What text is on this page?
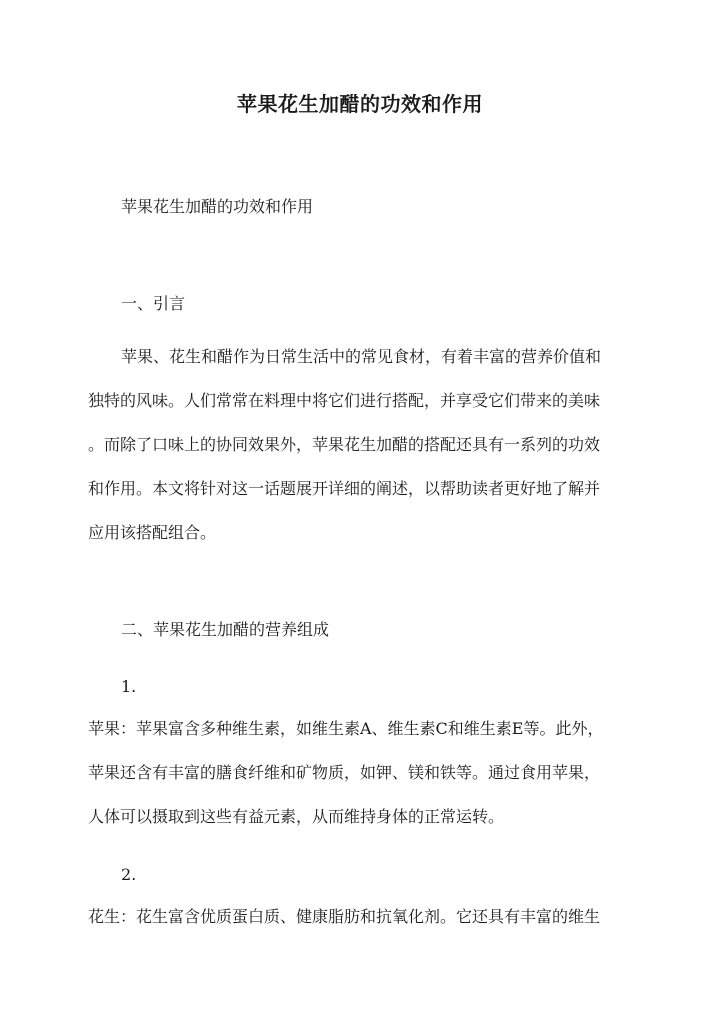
苹果花生加醋的功效和作用
苹果花生加醋的功效和作用
一、引言
苹果、花生和醋作为日常生活中的常见食材，有着丰富的营养价值和
独特的风味。人们常常在料理中将它们进行搭配，并享受它们带来的美味
。而除了口味上的协同效果外，苹果花生加醋的搭配还具有一系列的功效
和作用。本文将针对这一话题展开详细的阐述，以帮助读者更好地了解并
应用该搭配组合。
二、苹果花生加醋的营养组成
1.
苹果：苹果富含多种维生素，如维生素A、维生素C和维生素E等。此外，
苹果还含有丰富的膳食纤维和矿物质，如钾、镁和铁等。通过食用苹果，
人体可以摄取到这些有益元素，从而维持身体的正常运转。
2.
花生：花生富含优质蛋白质、健康脂肪和抗氧化剂。它还具有丰富的维生
